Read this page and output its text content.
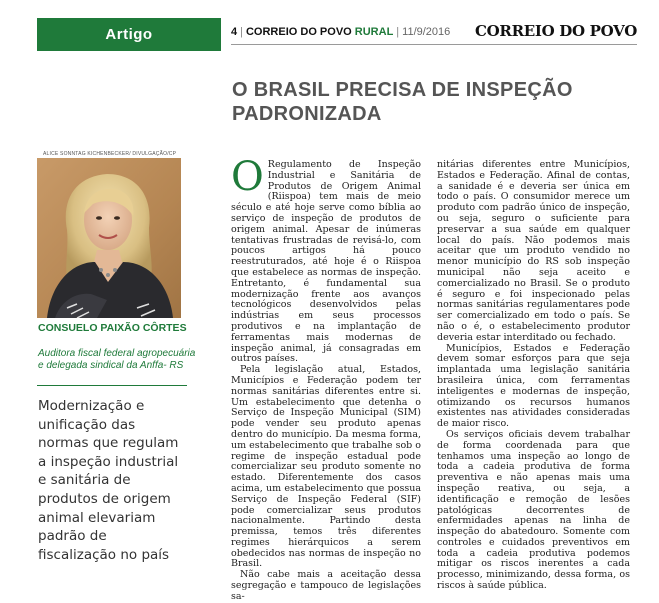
Artigo	4 | CORREIO DO POVO RURAL | 11/9/2016 CORREIO DO POVO
O BRASIL PRECISA DE INSPEÇÃO PADRONIZADA
ALICE SONNTAG KICHENBECKER/ DIVULGAÇÃO/CP
CONSUELO PAIXÃO CÔRTES
Auditora fiscal federal agropecuária e delegada sindical da Anffa- RS
Modernização e unificação das normas que regulam a inspeção industrial e sanitária de produtos de origem animal elevariam padrão de fiscalização no país

O Regulamento de Inspeção Industrial e Sanitária de Produtos de Origem Animal (Riispoa) tem mais de meio século e até hoje serve como bíblia ao serviço de inspeção de produtos de origem animal. Apesar de inúmeras tentativas frustradas de revisá-lo, com poucos artigos há pouco reestruturados, até hoje é o Riispoa que estabelece as normas de inspeção. Entretanto, é fundamental sua modernização frente aos avanços tecnológicos desenvolvidos pelas indústrias em seus processos produtivos e na implantação de ferramentas mais modernas de inspeção animal, já consagradas em outros países.

Pela legislação atual, Estados, Municípios e Federação podem ter normas sanitárias diferentes entre si. Um estabelecimento que detenha o Serviço de Inspeção Municipal (SIM) pode vender seu produto apenas dentro do município. Da mesma forma, um estabelecimento que trabalhe sob o regime de inspeção estadual pode comercializar seu produto somente no estado. Diferentemente dos casos acima, um estabelecimento que possua Serviço de Inspeção Federal (SIF) pode comercializar seus produtos nacionalmente. Partindo desta premissa, temos três diferentes regimes hierárquicos a serem obedecidos nas normas de inspeção no Brasil.

Não cabe mais a aceitação dessa segregação e tampouco de legislações sa-

nitárias diferentes entre Municípios, Estados e Federação. Afinal de contas, a sanidade é e deveria ser única em todo o país. O consumidor merece um produto com padrão único de inspeção, ou seja, seguro o suficiente para preservar a sua saúde em qualquer local do país. Não podemos mais aceitar que um produto vendido no menor município do RS sob inspeção municipal não seja aceito e comercializado no Brasil. Se o produto é seguro e foi inspecionado pelas normas sanitárias regulamentares pode ser comercializado em todo o país. Se não o é, o estabelecimento produtor deveria estar interditado ou fechado.

Municípios, Estados e Federação devem somar esforços para que seja implantada uma legislação sanitária brasileira única, com ferramentas inteligentes e modernas de inspeção, otimizando os recursos humanos existentes nas atividades consideradas de maior risco.

Os serviços oficiais devem trabalhar de forma coordenada para que tenhamos uma inspeção ao longo de toda a cadeia produtiva de forma preventiva e não apenas mais uma inspeção reativa, ou seja, a identificação e remoção de lesões patológicas decorrentes de enfermidades apenas na linha de inspeção do abatedouro. Somente com controles e cuidados preventivos em toda a cadeia produtiva podemos mitigar os riscos inerentes a cada processo, minimizando, dessa forma, os riscos à saúde pública.
